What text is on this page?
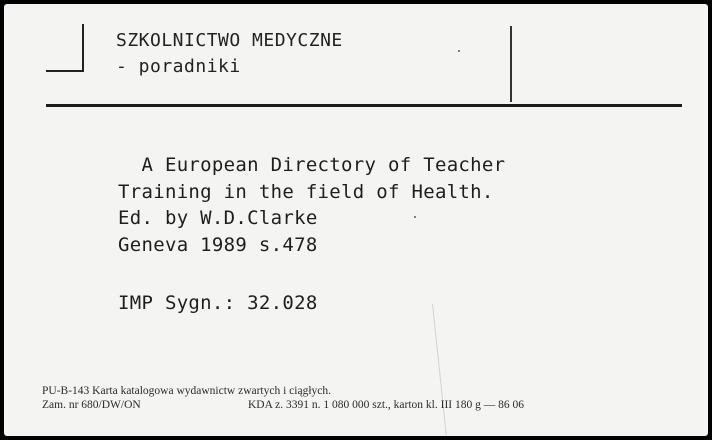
SZKOLNICTWO MEDYCZNE
- poradniki
A European Directory of Teacher
Training in the field of Health.
Ed. by W.D.Clarke
Geneva 1989 s.478
IMP Sygn.: 32.028
PU-B-143 Karta katalogowa wydawnictw zwartych i ciągłych.
Zam. nr 680/DW/ON	KDA z. 3391 n. 1 080 000 szt., karton kl. III 180 g — 86 06
